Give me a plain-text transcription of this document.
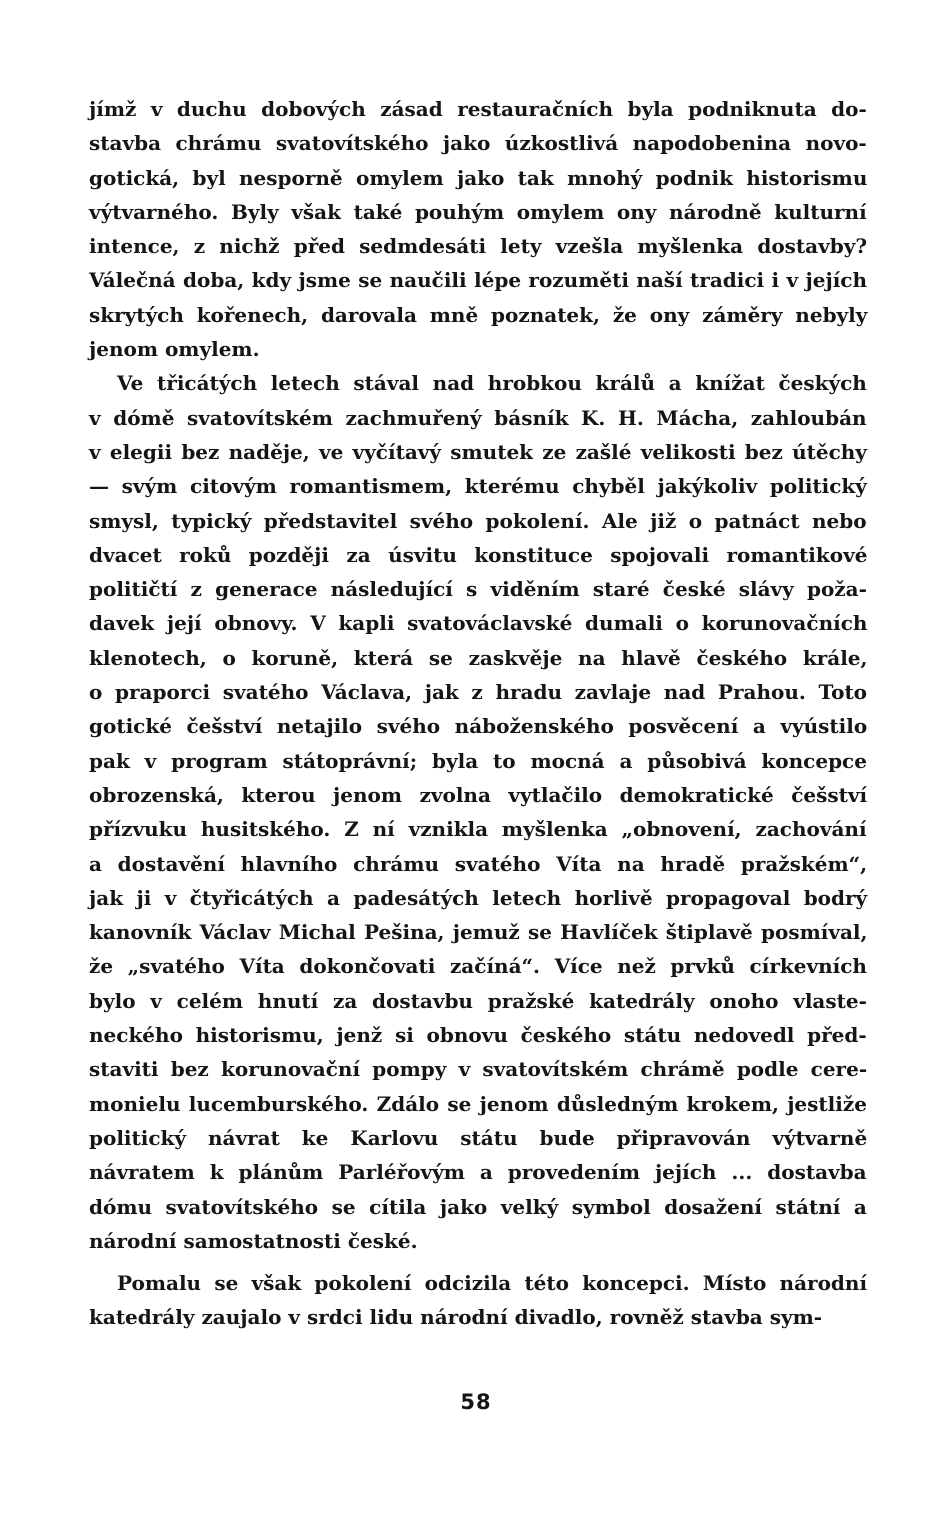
jímž v duchu dobových zásad restauračních byla podniknuta do-
stavba chrámu svatovítského jako úzkostlivá napodobenina novo-
gotická, byl nesporně omylem jako tak mnohý podnik historismu
výtvarného. Byly však také pouhým omylem ony národně kulturní
intence, z nichž před sedmdesáti lety vzešla myšlenka dostavby?
Válečná doba, kdy jsme se naučili lépe rozuměti naší tradici i v jejích
skrytých kořenech, darovala mně poznatek, že ony záměry nebyly
jenom omylem.
Ve třicátých letech stával nad hrobkou králů a knížat českých
v dómě svatovítském zachmuřený básník K. H. Mácha, zahloubán
v elegii bez naděje, ve vyčítavý smutek ze zašlé velikosti bez útěchy
— svým citovým romantismem, kterému chyběl jakýkoliv politický
smysl, typický představitel svého pokolení. Ale již o patnáct nebo
dvacet roků později za úsvitu konstituce spojovali romantikové
političtí z generace následující s viděním staré české slávy poža-
davek její obnovy. V kapli svatováclavské dumali o korunovačních
klenotech, o koruně, která se zaskvěje na hlavě českého krále,
o praporci svatého Václava, jak z hradu zavlaje nad Prahou. Toto
gotické češství netajilo svého náboženského posvěcení a vyústilo
pak v program státoprávní; byla to mocná a působivá koncepce
obrozenská, kterou jenom zvolna vytlačilo demokratické češství
přízvuku husitského. Z ní vznikla myšlenka „obnovení, zachování
a dostavění hlavního chrámu svatého Víta na hradě pražském“,
jak ji v čtyřicátých a padesátých letech horlivě propagoval bodrý
kanovník Václav Michal Pešina, jemuž se Havlíček štiplavě posmíval,
že „svatého Víta dokončovati začíná“. Více než prvků církevních
bylo v celém hnutí za dostavbu pražské katedrály onoho vlaste-
neckého historismu, jenž si obnovu českého státu nedovedl před-
staviti bez korunovační pompy v svatovítském chrámě podle cere-
monielu lucemburského. Zdálo se jenom důsledným krokem, jestliže
politický návrat ke Karlovu státu bude připravován výtvarně
návratem k plánům Parléřovým a provedením jejích ... dostavba
dómu svatovítského se cítila jako velký symbol dosažení státní a
národní samostatnosti české.
Pomalu se však pokolení odcizila této koncepci. Místo národní
katedrály zaujalo v srdci lidu národní divadlo, rovněž stavba sym-

58
